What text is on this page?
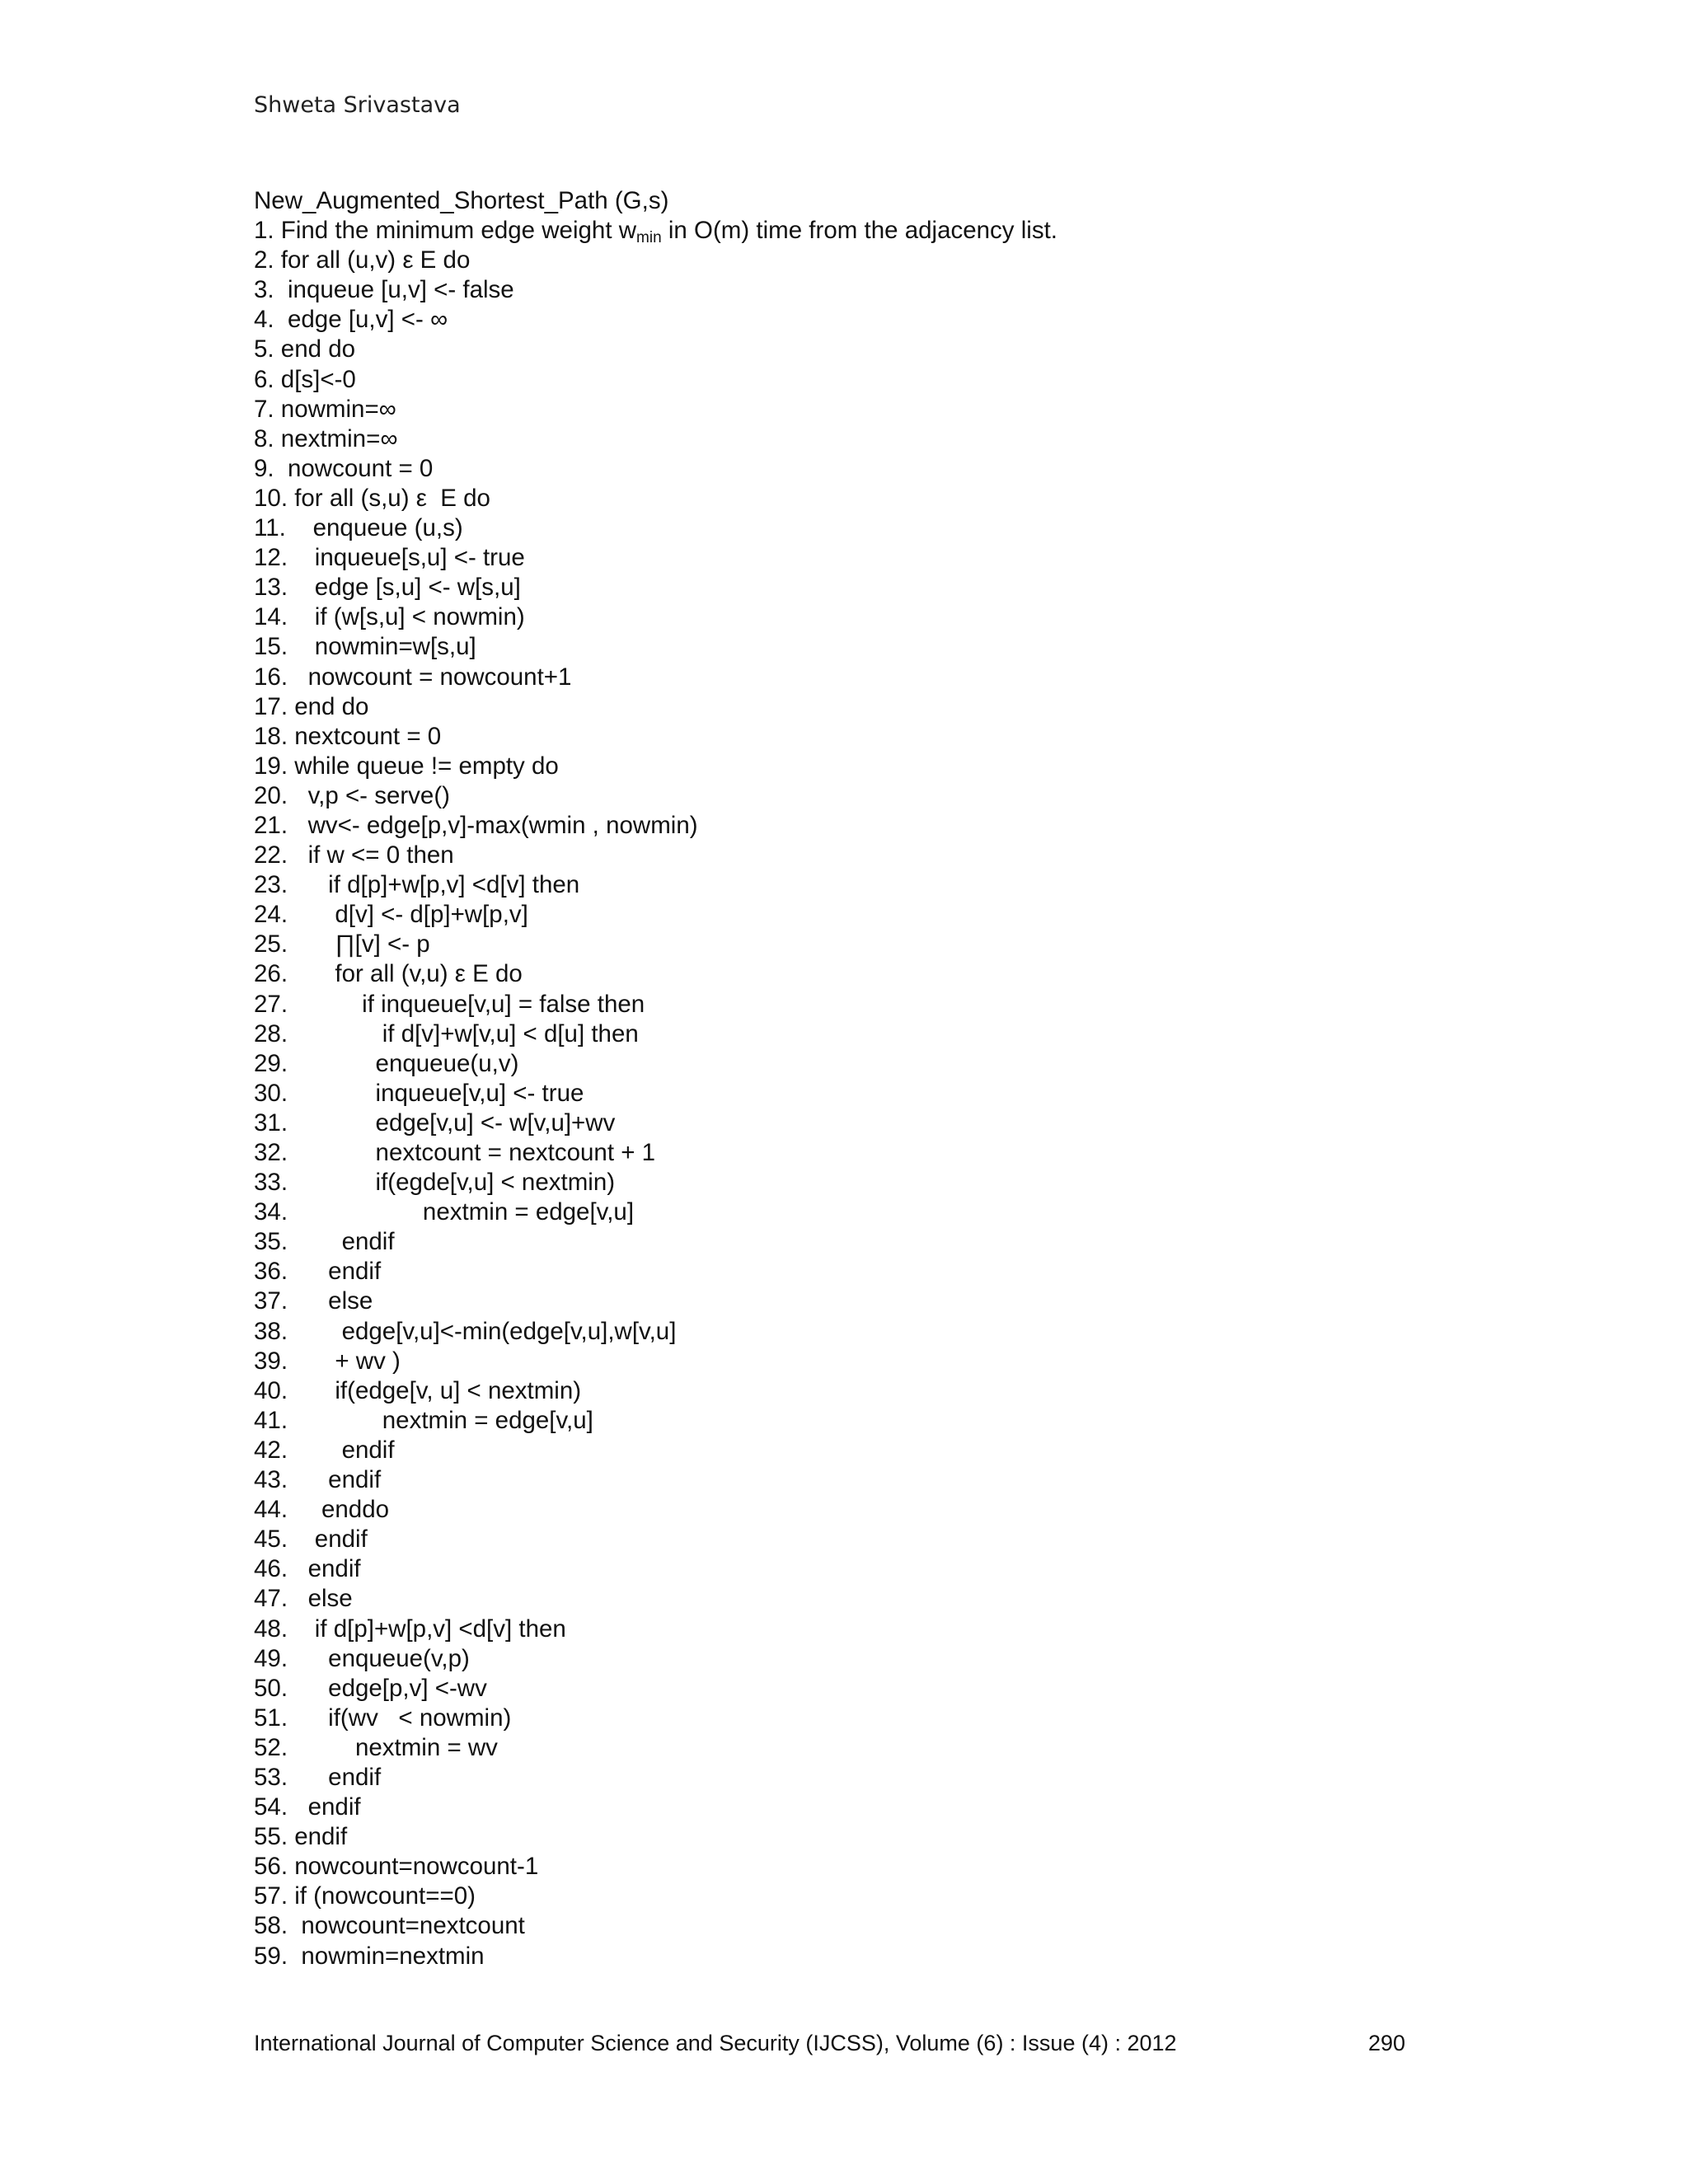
Shweta Srivastava
New_Augmented_Shortest_Path (G,s)
1. Find the minimum edge weight $w_{min}$ in O(m) time from the adjacency list.
2. for all (u,v) ε E do
3.  inqueue [u,v] <- false
4.  edge [u,v] <- ∞
5. end do
6. d[s]<-0
7. nowmin=∞
8. nextmin=∞
9.  nowcount = 0
10. for all (s,u) ε  E do
11.    enqueue (u,s)
12.    inqueue[s,u] <- true
13.    edge [s,u] <- w[s,u]
14.    if (w[s,u] < nowmin)
15.    nowmin=w[s,u]
16.   nowcount = nowcount+1
17. end do
18. nextcount = 0
19. while queue != empty do
20.   v,p <- serve()
21.   wv<- edge[p,v]-max(wmin , nowmin)
22.   if w <= 0 then
23.      if d[p]+w[p,v] <d[v] then
24.       d[v] <- d[p]+w[p,v]
25.       ∏[v] <- p
26.       for all (v,u) ε E do
27.           if inqueue[v,u] = false then
28.              if d[v]+w[v,u] < d[u] then
29.             enqueue(u,v)
30.             inqueue[v,u] <- true
31.             edge[v,u] <- w[v,u]+wv
32.             nextcount = nextcount + 1
33.             if(egde[v,u] < nextmin)
34.                    nextmin = edge[v,u]
35.        endif
36.      endif
37.      else
38.        edge[v,u]<-min(edge[v,u],w[v,u]
39.       + wv )
40.       if(edge[v, u] < nextmin)
41.              nextmin = edge[v,u]
42.        endif
43.      endif
44.     enddo
45.    endif
46.   endif
47.   else
48.    if d[p]+w[p,v] <d[v] then
49.      enqueue(v,p)
50.      edge[p,v] <-wv
51.      if(wv   < nowmin)
52.          nextmin = wv
53.      endif
54.   endif
55. endif
56. nowcount=nowcount-1
57. if (nowcount==0)
58.  nowcount=nextcount
59.  nowmin=nextmin
International Journal of Computer Science and Security (IJCSS), Volume (6) : Issue (4) : 2012	290
